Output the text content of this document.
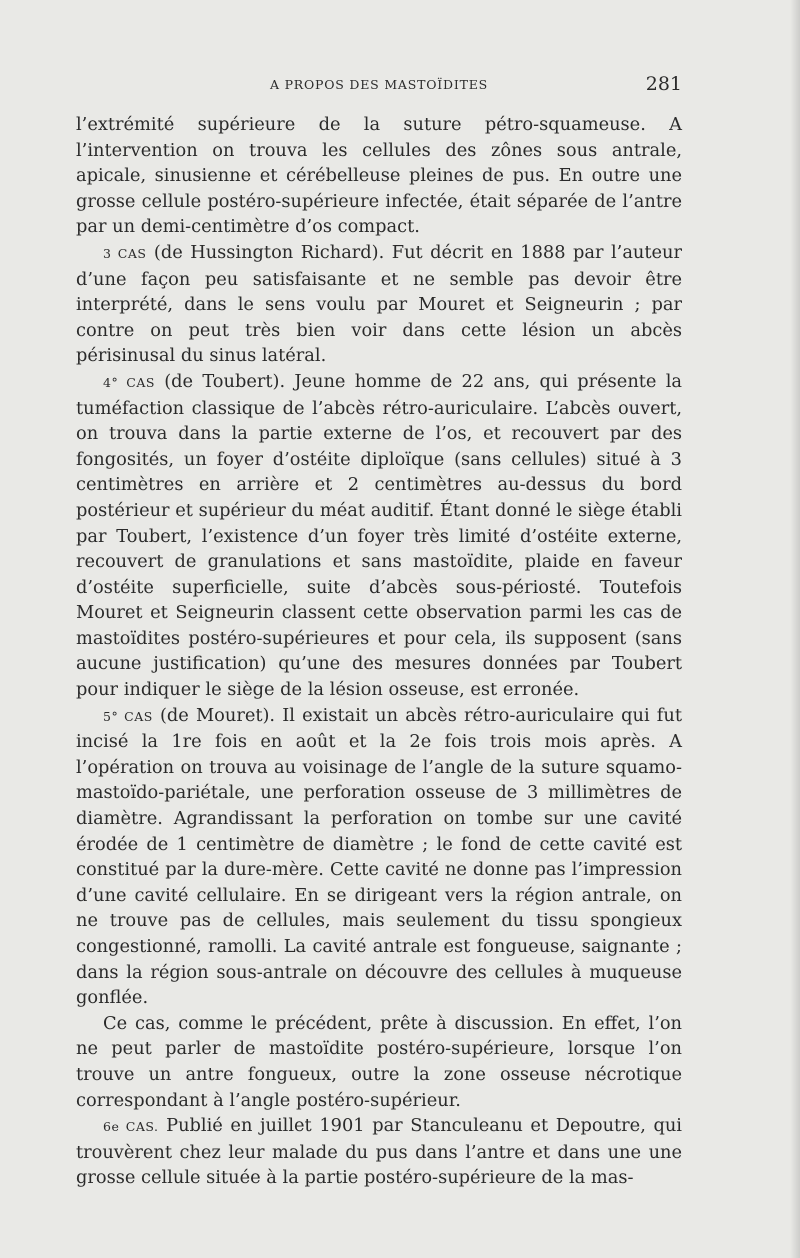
A PROPOS DES MASTOÏDITES	281

l’extrémité supérieure de la suture pétro-squameuse. A l’intervention on trouva les cellules des zônes sous antrale, apicale, sinusienne et cérébelleuse pleines de pus. En outre une grosse cellule postéro-supérieure infectée, était séparée de l’antre par un demi-centimètre d’os compact.

3 CAS (de Hussington Richard). Fut décrit en 1888 par l’auteur d’une façon peu satisfaisante et ne semble pas devoir être interprété, dans le sens voulu par Mouret et Seigneurin ; par contre on peut très bien voir dans cette lésion un abcès périsinusal du sinus latéral.

4° CAS (de Toubert). Jeune homme de 22 ans, qui présente la tuméfaction classique de l’abcès rétro-auriculaire. L’abcès ouvert, on trouva dans la partie externe de l’os, et recouvert par des fongosités, un foyer d’ostéite diploïque (sans cellules) situé à 3 centimètres en arrière et 2 centimètres au-dessus du bord postérieur et supérieur du méat auditif. Étant donné le siège établi par Toubert, l’existence d’un foyer très limité d’ostéite externe, recouvert de granulations et sans mastoïdite, plaide en faveur d’ostéite superficielle, suite d’abcès sous-périosté. Toutefois Mouret et Seigneurin classent cette observation parmi les cas de mastoïdites postéro-supérieures et pour cela, ils supposent (sans aucune justification) qu’une des mesures données par Toubert pour indiquer le siège de la lésion osseuse, est erronée.

5° CAS (de Mouret). Il existait un abcès rétro-auriculaire qui fut incisé la 1re fois en août et la 2e fois trois mois après. A l’opération on trouva au voisinage de l’angle de la suture squamo-mastoïdo-pariétale, une perforation osseuse de 3 millimètres de diamètre. Agrandissant la perforation on tombe sur une cavité érodée de 1 centimètre de diamètre ; le fond de cette cavité est constitué par la dure-mère. Cette cavité ne donne pas l’impression d’une cavité cellulaire. En se dirigeant vers la région antrale, on ne trouve pas de cellules, mais seulement du tissu spongieux congestionné, ramolli. La cavité antrale est fongueuse, saignante ; dans la région sous-antrale on découvre des cellules à muqueuse gonflée.

Ce cas, comme le précédent, prête à discussion. En effet, l’on ne peut parler de mastoïdite postéro-supérieure, lorsque l’on trouve un antre fongueux, outre la zone osseuse nécrotique correspondant à l’angle postéro-supérieur.

6e CAS. Publié en juillet 1901 par Stanculeanu et Depoutre, qui trouvèrent chez leur malade du pus dans l’antre et dans une une grosse cellule située à la partie postéro-supérieure de la mas-
